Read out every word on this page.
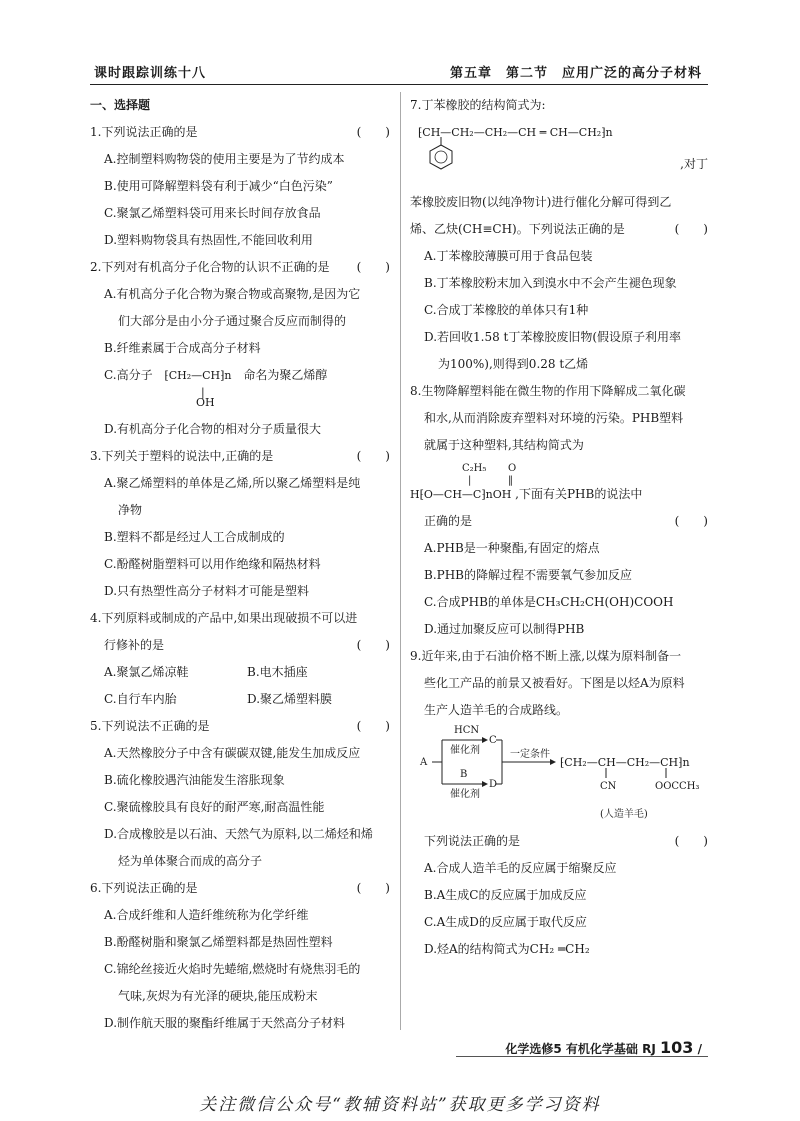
课时跟踪训练十八	第五章　第二节　应用广泛的高分子材料
一、选择题
1.下列说法正确的是	(　　)
A.控制塑料购物袋的使用主要是为了节约成本
B.使用可降解塑料袋有利于减少“白色污染”
C.聚氯乙烯塑料袋可用来长时间存放食品
D.塑料购物袋具有热固性,不能回收利用
2.下列对有机高分子化合物的认识不正确的是 (　　)
A.有机高分子化合物为聚合物或高聚物,是因为它
们大部分是由小分子通过聚合反应而制得的
B.纤维素属于合成高分子材料
C.高分子 ⁅CH₂—CH⁆n 命名为聚乙烯醇
|
OH
D.有机高分子化合物的相对分子质量很大
3.下列关于塑料的说法中,正确的是	(　　)
A.聚乙烯塑料的单体是乙烯,所以聚乙烯塑料是纯
净物
B.塑料不都是经过人工合成制成的
C.酚醛树脂塑料可以用作绝缘和隔热材料
D.只有热塑性高分子材料才可能是塑料
4.下列原料或制成的产品中,如果出现破损不可以进
行修补的是	(　　)
A.聚氯乙烯凉鞋	B.电木插座
C.自行车内胎	D.聚乙烯塑料膜
5.下列说法不正确的是	(　　)
A.天然橡胶分子中含有碳碳双键,能发生加成反应
B.硫化橡胶遇汽油能发生溶胀现象
C.聚硫橡胶具有良好的耐严寒,耐高温性能
D.合成橡胶是以石油、天然气为原料,以二烯烃和烯
烃为单体聚合而成的高分子
6.下列说法正确的是	(　　)
A.合成纤维和人造纤维统称为化学纤维
B.酚醛树脂和聚氯乙烯塑料都是热固性塑料
C.锦纶丝接近火焰时先蜷缩,燃烧时有烧焦羽毛的
气味,灰烬为有光泽的硬块,能压成粉末
D.制作航天服的聚酯纤维属于天然高分子材料
7.丁苯橡胶的结构简式为:
⁅CH—CH₂—CH₂—CH ═ CH—CH₂⁆n
,对丁
苯橡胶废旧物(以纯净物计)进行催化分解可得到乙
烯、乙炔(CH≡CH)。下列说法正确的是	(　　)
A.丁苯橡胶薄膜可用于食品包装
B.丁苯橡胶粉末加入到溴水中不会产生褪色现象
C.合成丁苯橡胶的单体只有1种
D.若回收1.58 t丁苯橡胶废旧物(假设原子利用率
为100%),则得到0.28 t乙烯
8.生物降解塑料能在微生物的作用下降解成二氧化碳
和水,从而消除废弃塑料对环境的污染。PHB塑料
就属于这种塑料,其结构简式为
C₂H₅ O
|	‖
H⁅O—CH—C⁆nOH ,下面有关PHB的说法中
正确的是	(　　)
A.PHB是一种聚酯,有固定的熔点
B.PHB的降解过程不需要氧气参加反应
C.合成PHB的单体是CH₃CH₂CH(OH)COOH
D.通过加聚反应可以制得PHB
9.近年来,由于石油价格不断上涨,以煤为原料制备一
些化工产品的前景又被看好。下图是以烃A为原料
生产人造羊毛的合成路线。
A
HCN
催化剂
C
B
催化剂
D
一定条件
⁅CH₂—CH—CH₂—CH⁆n
CN	OOCCH₃
(人造羊毛)
下列说法正确的是	(　　)
A.合成人造羊毛的反应属于缩聚反应
B.A生成C的反应属于加成反应
C.A生成D的反应属于取代反应
D.烃A的结构简式为CH₂ ═CH₂
化学选修5 有机化学基础 RJ 103 /
关注微信公众号“教辅资料站”获取更多学习资料
